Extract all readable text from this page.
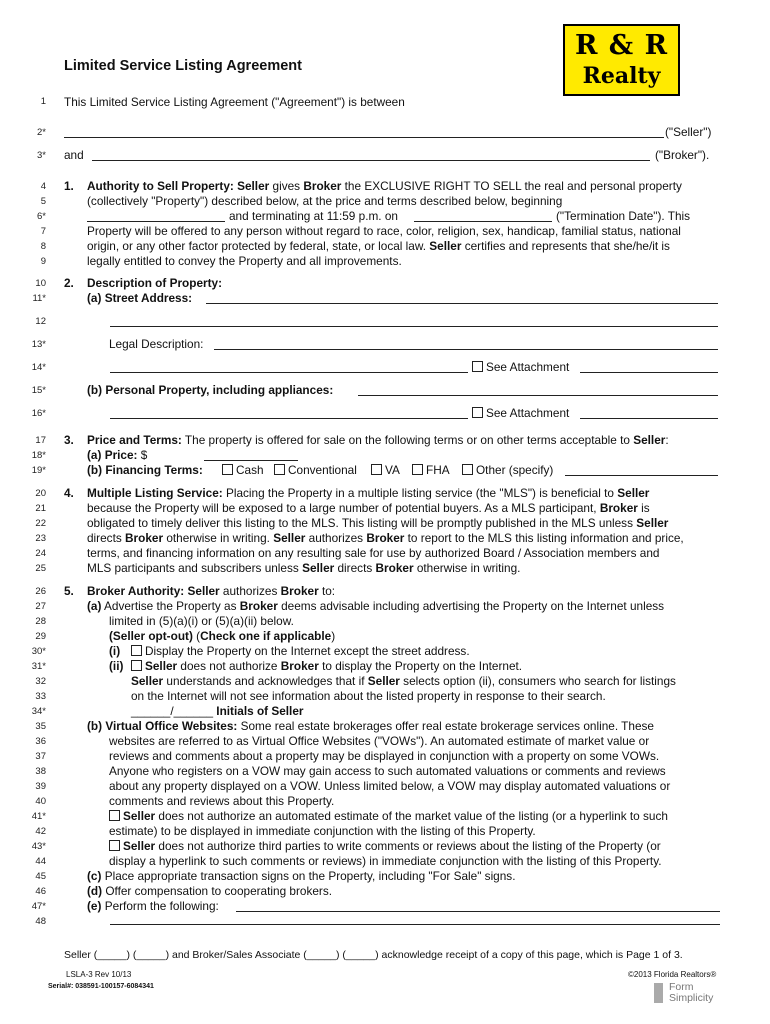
Limited Service Listing Agreement
R & R
Realty
1
2*
3*
4
5
6*
7
8
9
10
11*
12
13*
14*
15*
16*
17
18*
19*
20
21
22
23
24
25
26
27
28
29
30*
31*
32
33
34*
35
36
37
38
39
40
41*
42
43*
44
45
46
47*
48
This Limited Service Listing Agreement ("Agreement") is between
("Seller")
and	("Broker").
1. Authority to Sell Property: Seller gives Broker the EXCLUSIVE RIGHT TO SELL the real and personal property
(collectively "Property") described below, at the price and terms described below, beginning
and terminating at 11:59 p.m. on	("Termination Date"). This
Property will be offered to any person without regard to race, color, religion, sex, handicap, familial status, national
origin, or any other factor protected by federal, state, or local law. Seller certifies and represents that she/he/it is
legally entitled to convey the Property and all improvements.
2. Description of Property:
(a) Street Address:
Legal Description:
See Attachment
(b) Personal Property, including appliances:
See Attachment
3. Price and Terms: The property is offered for sale on the following terms or on other terms acceptable to Seller:
(a) Price: $
(b) Financing Terms:	Cash	Conventional	VA	FHA	Other (specify)
4. Multiple Listing Service: Placing the Property in a multiple listing service (the "MLS") is beneficial to Seller
because the Property will be exposed to a large number of potential buyers. As a MLS participant, Broker is
obligated to timely deliver this listing to the MLS. This listing will be promptly published in the MLS unless Seller
directs Broker otherwise in writing. Seller authorizes Broker to report to the MLS this listing information and price,
terms, and financing information on any resulting sale for use by authorized Board / Association members and
MLS participants and subscribers unless Seller directs Broker otherwise in writing.
5. Broker Authority: Seller authorizes Broker to:
(a) Advertise the Property as Broker deems advisable including advertising the Property on the Internet unless
limited in (5)(a)(i) or (5)(a)(ii) below.
(Seller opt-out) (Check one if applicable)
(i) Display the Property on the Internet except the street address.
(ii) Seller does not authorize Broker to display the Property on the Internet.
Seller understands and acknowledges that if Seller selects option (ii), consumers who search for listings
on the Internet will not see information about the listed property in response to their search.
______/______ Initials of Seller
(b) Virtual Office Websites: Some real estate brokerages offer real estate brokerage services online. These
websites are referred to as Virtual Office Websites ("VOWs"). An automated estimate of market value or
reviews and comments about a property may be displayed in conjunction with a property on some VOWs.
Anyone who registers on a VOW may gain access to such automated valuations or comments and reviews
about any property displayed on a VOW. Unless limited below, a VOW may display automated valuations or
comments and reviews about this Property.
Seller does not authorize an automated estimate of the market value of the listing (or a hyperlink to such
estimate) to be displayed in immediate conjunction with the listing of this Property.
Seller does not authorize third parties to write comments or reviews about the listing of the Property (or
display a hyperlink to such comments or reviews) in immediate conjunction with the listing of this Property.
(c) Place appropriate transaction signs on the Property, including "For Sale" signs.
(d) Offer compensation to cooperating brokers.
(e) Perform the following:
Seller (_____) (_____) and Broker/Sales Associate (_____) (_____) acknowledge receipt of a copy of this page, which is Page 1 of 3.
LSLA-3 Rev 10/13	©2013 Florida Realtors®
Serial#: 038591-100157-6084341	Form
Simplicity
